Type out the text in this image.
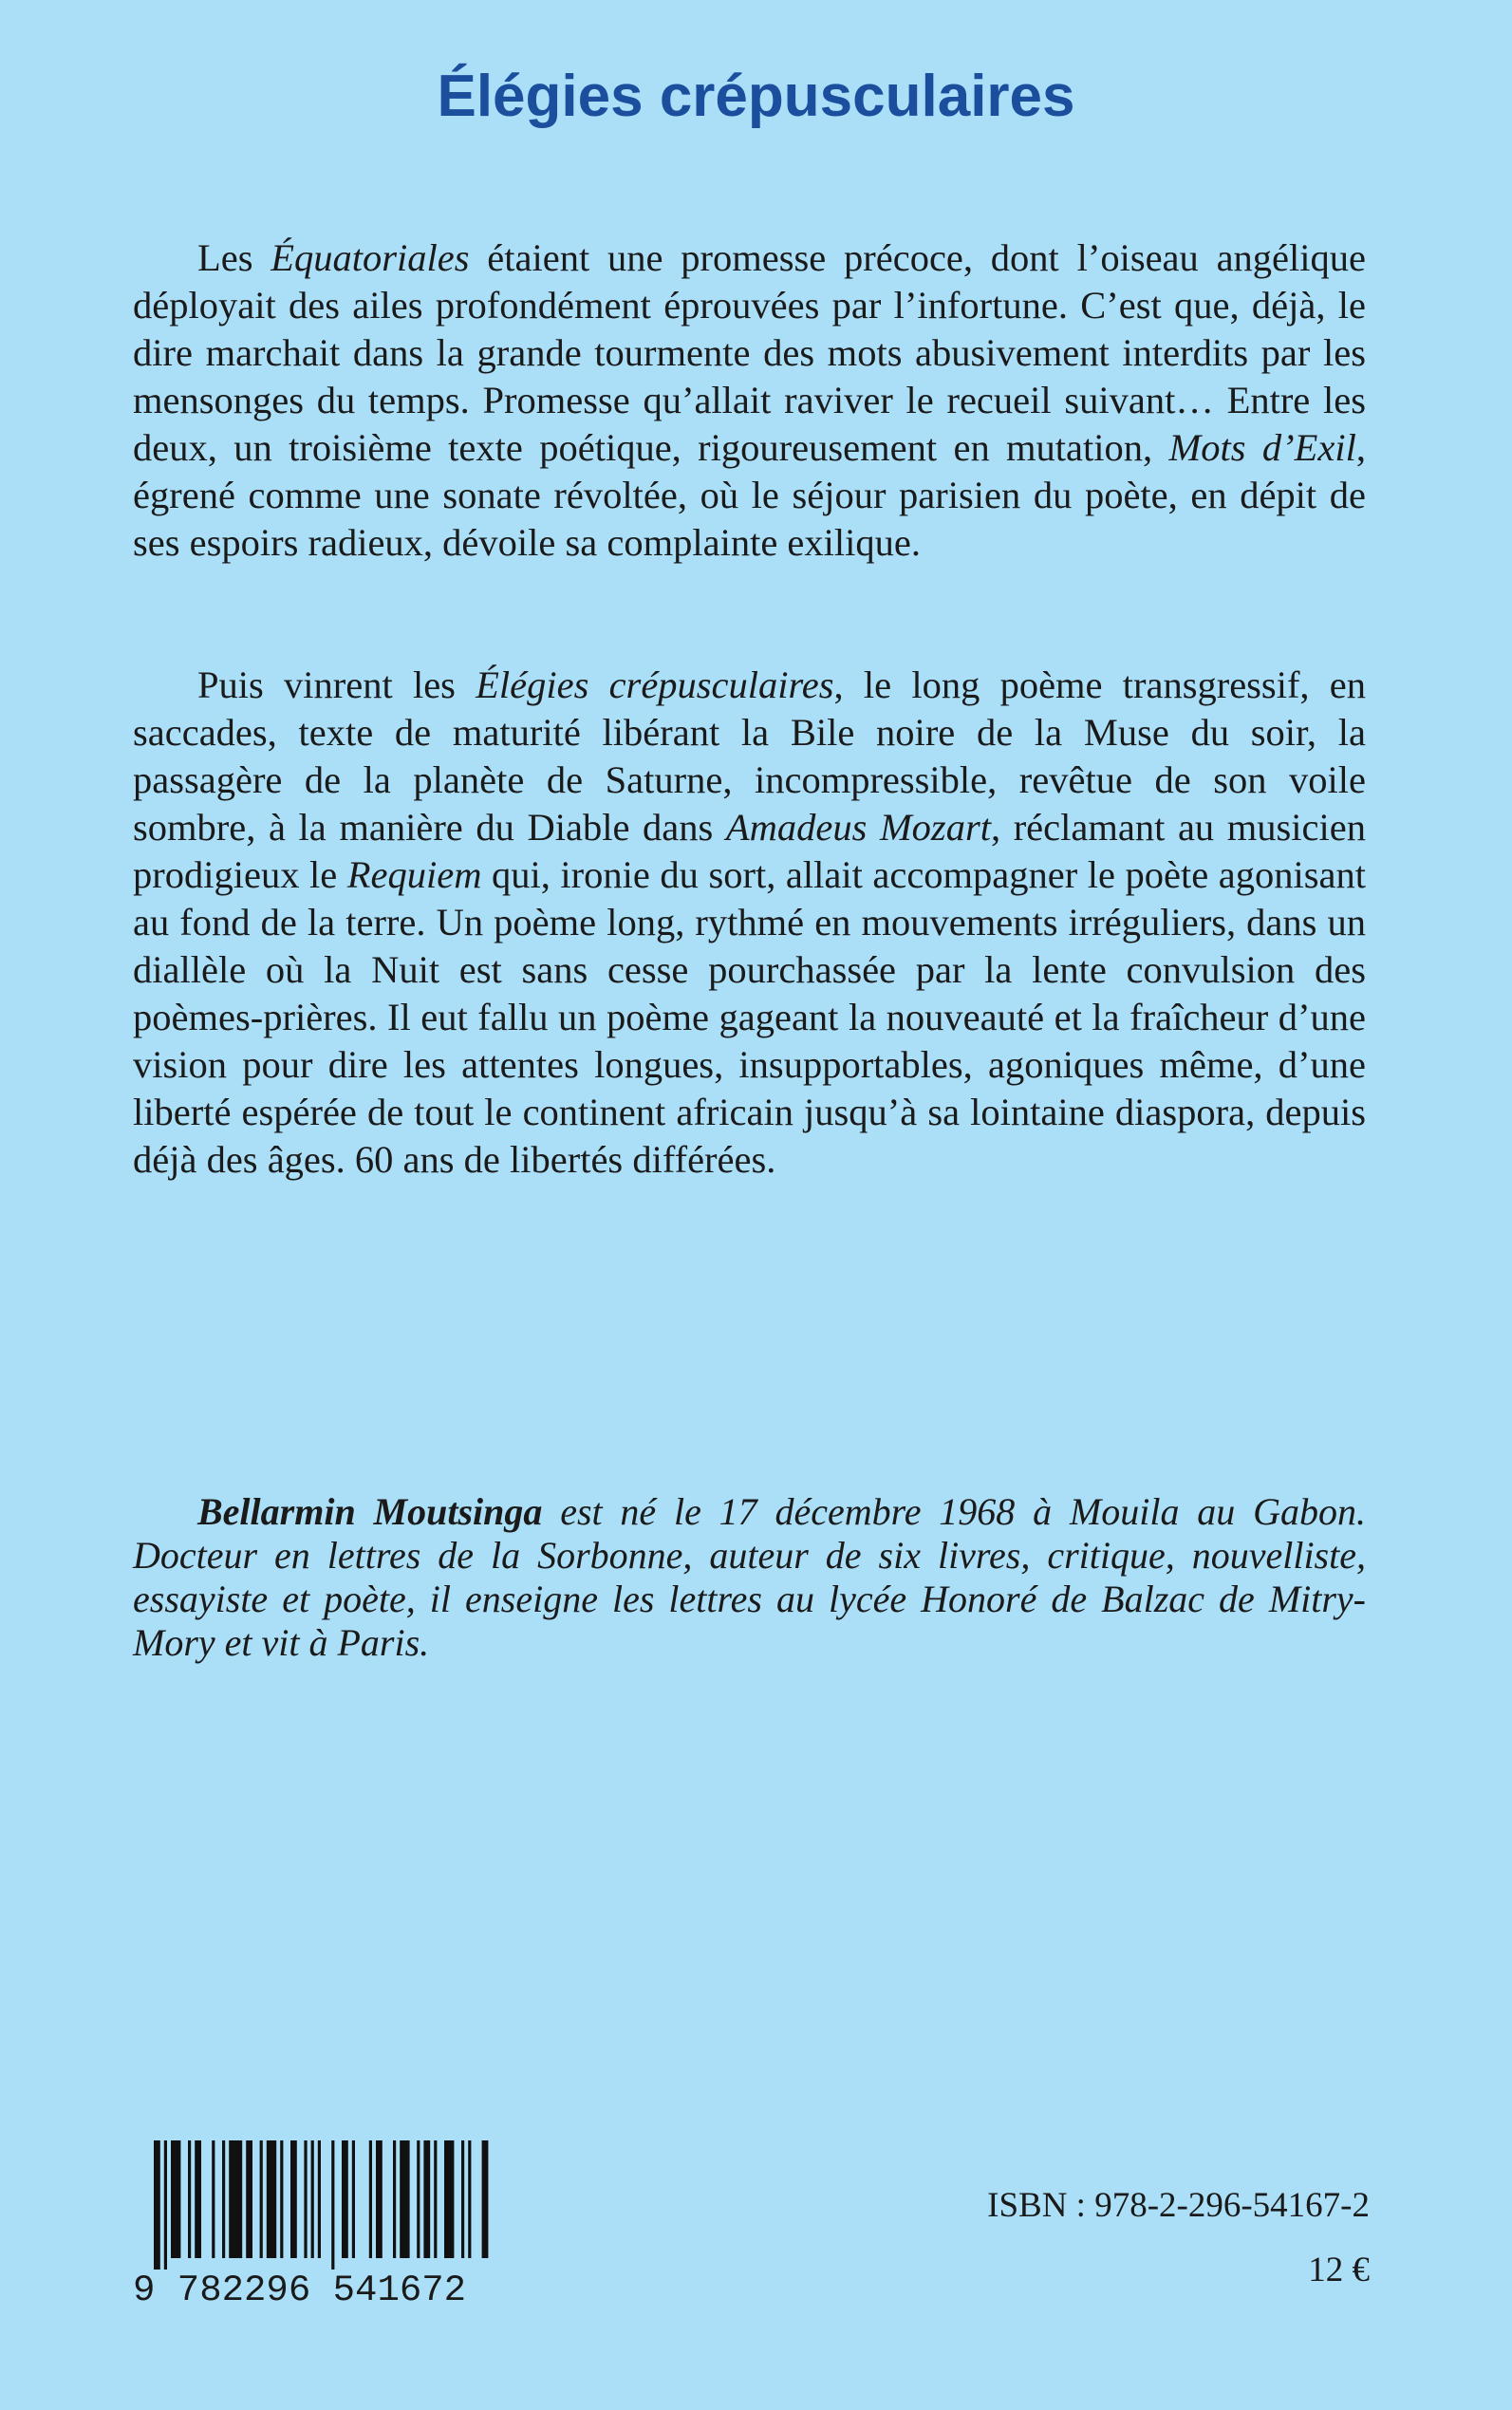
Élégies crépusculaires

Les Équatoriales étaient une promesse précoce, dont l’oiseau angélique déployait des ailes profondément éprouvées par l’infortune. C’est que, déjà, le dire marchait dans la grande tourmente des mots abusivement interdits par les mensonges du temps. Promesse qu’allait raviver le recueil suivant… Entre les deux, un troisième texte poétique, rigoureusement en mutation, Mots d’Exil, égrené comme une sonate révoltée, où le séjour parisien du poète, en dépit de ses espoirs radieux, dévoile sa complainte exilique.

Puis vinrent les Élégies crépusculaires, le long poème transgressif, en saccades, texte de maturité libérant la Bile noire de la Muse du soir, la passagère de la planète de Saturne, incompressible, revêtue de son voile sombre, à la manière du Diable dans Amadeus Mozart, réclamant au musicien prodigieux le Requiem qui, ironie du sort, allait accompagner le poète agonisant au fond de la terre. Un poème long, rythmé en mouvements irréguliers, dans un diallèle où la Nuit est sans cesse pourchassée par la lente convulsion des poèmes-prières. Il eut fallu un poème gageant la nouveauté et la fraîcheur d’une vision pour dire les attentes longues, insupportables, agoniques même, d’une liberté espérée de tout le continent africain jusqu’à sa lointaine diaspora, depuis déjà des âges. 60 ans de libertés différées.

Bellarmin Moutsinga est né le 17 décembre 1968 à Mouila au Gabon. Docteur en lettres de la Sorbonne, auteur de six livres, critique, nouvelliste, essayiste et poète, il enseigne les lettres au lycée Honoré de Balzac de Mitry-Mory et vit à Paris.

9 782296 541672
ISBN : 978-2-296-54167-2
12 €
